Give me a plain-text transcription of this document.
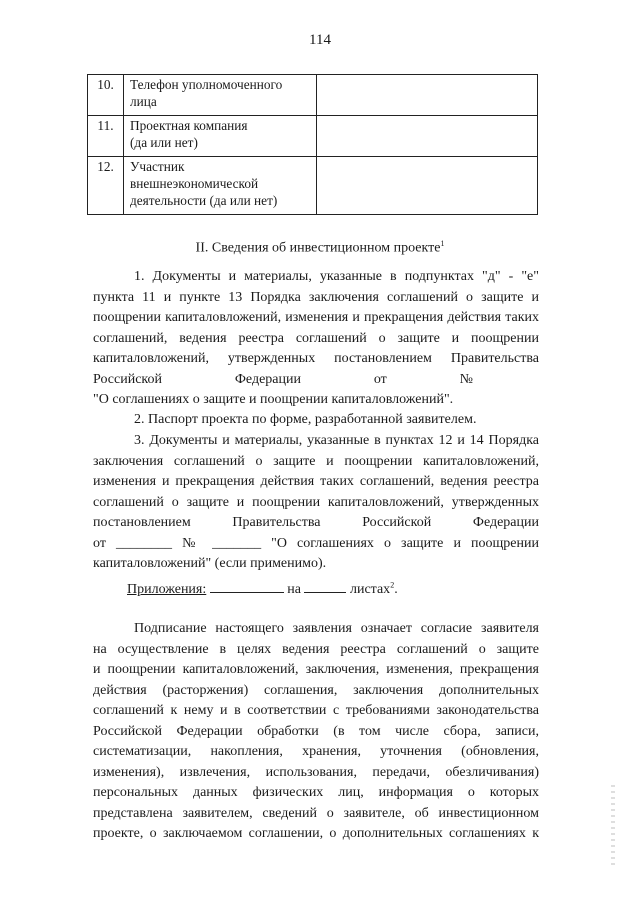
114
10.	Телефон уполномоченного
лица	

11.	Проектная компания
(да или нет)	

12.	Участник
внешнеэкономической
деятельности (да или нет)	

II. Сведения об инвестиционном проекте$^1$
1. Документы и материалы, указанные в подпунктах "д" - "е"
пункта 11 и пункте 13 Порядка заключения соглашений о защите и
поощрении капиталовложений, изменения и прекращения действия таких
соглашений, ведения реестра соглашений о защите и поощрении
капиталовложений, утвержденных постановлением Правительства
Российской Федерации от №
"О соглашениях о защите и поощрении капиталовложений".
2. Паспорт проекта по форме, разработанной заявителем.
3. Документы и материалы, указанные в пунктах 12 и 14 Порядка
заключения соглашений о защите и поощрении капиталовложений,
изменения и прекращения действия таких соглашений, ведения реестра
соглашений о защите и поощрении капиталовложений, утвержденных
постановлением Правительства Российской Федерации
от ________ № _______ "О соглашениях о защите и поощрении
капиталовложений" (если применимо).
Приложения:	на	листах$^2$.
Подписание настоящего заявления означает согласие заявителя
на осуществление в целях ведения реестра соглашений о защите
и поощрении капиталовложений, заключения, изменения, прекращения
действия (расторжения) соглашения, заключения дополнительных
соглашений к нему и в соответствии с требованиями законодательства
Российской Федерации обработки (в том числе сбора, записи,
систематизации, накопления, хранения, уточнения (обновления,
изменения), извлечения, использования, передачи, обезличивания)
персональных данных физических лиц, информация о которых
представлена заявителем, сведений о заявителе, об инвестиционном
проекте, о заключаемом соглашении, о дополнительных соглашениях к
